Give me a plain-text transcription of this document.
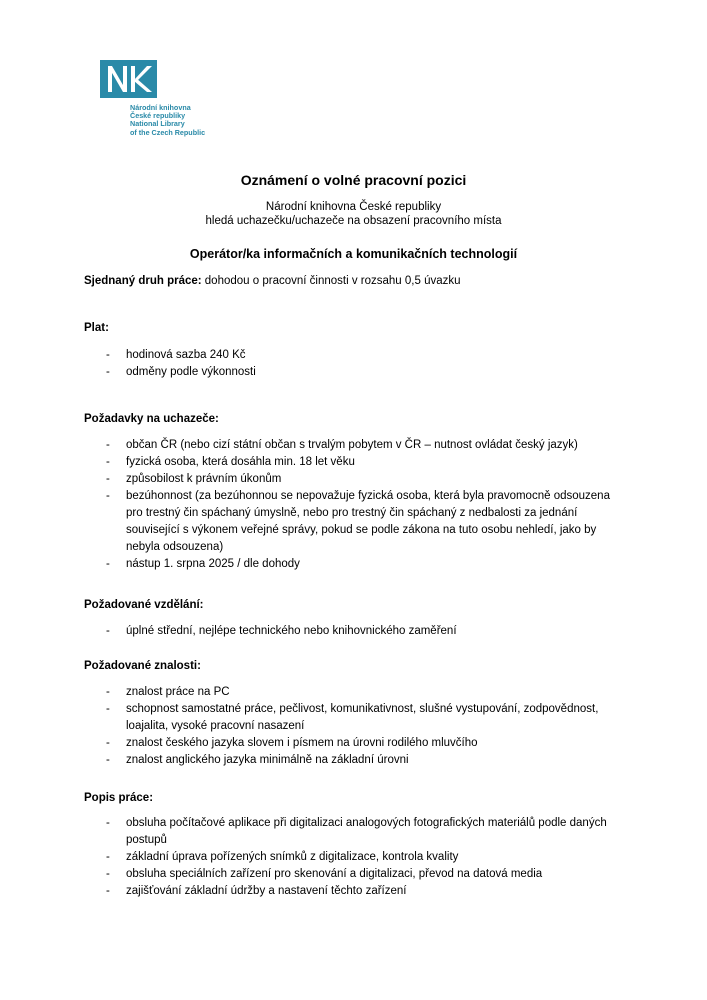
Národní knihovna
České republiky
National Library
of the Czech Republic
Oznámení o volné pracovní pozici
Národní knihovna České republiky
hledá uchazečku/uchazeče na obsazení pracovního místa
Operátor/ka informačních a komunikačních technologií
Sjednaný druh práce: dohodou o pracovní činnosti v rozsahu 0,5 úvazku
Plat:
- hodinová sazba 240 Kč
- odměny podle výkonnosti
Požadavky na uchazeče:
- občan ČR (nebo cizí státní občan s trvalým pobytem v ČR – nutnost ovládat český jazyk)
- fyzická osoba, která dosáhla min. 18 let věku
- způsobilost k právním úkonům
- bezúhonnost (za bezúhonnou se nepovažuje fyzická osoba, která byla pravomocně odsouzena pro trestný čin spáchaný úmyslně, nebo pro trestný čin spáchaný z nedbalosti za jednání související s výkonem veřejné správy, pokud se podle zákona na tuto osobu nehledí, jako by nebyla odsouzena)
- nástup 1. srpna 2025 / dle dohody
Požadované vzdělání:
- úplné střední, nejlépe technického nebo knihovnického zaměření
Požadované znalosti:
- znalost práce na PC
- schopnost samostatné práce, pečlivost, komunikativnost, slušné vystupování, zodpovědnost, loajalita, vysoké pracovní nasazení
- znalost českého jazyka slovem i písmem na úrovni rodilého mluvčího
- znalost anglického jazyka minimálně na základní úrovni
Popis práce:
- obsluha počítačové aplikace při digitalizaci analogových fotografických materiálů podle daných postupů
- základní úprava pořízených snímků z digitalizace, kontrola kvality
- obsluha speciálních zařízení pro skenování a digitalizaci, převod na datová media
- zajišťování základní údržby a nastavení těchto zařízení
